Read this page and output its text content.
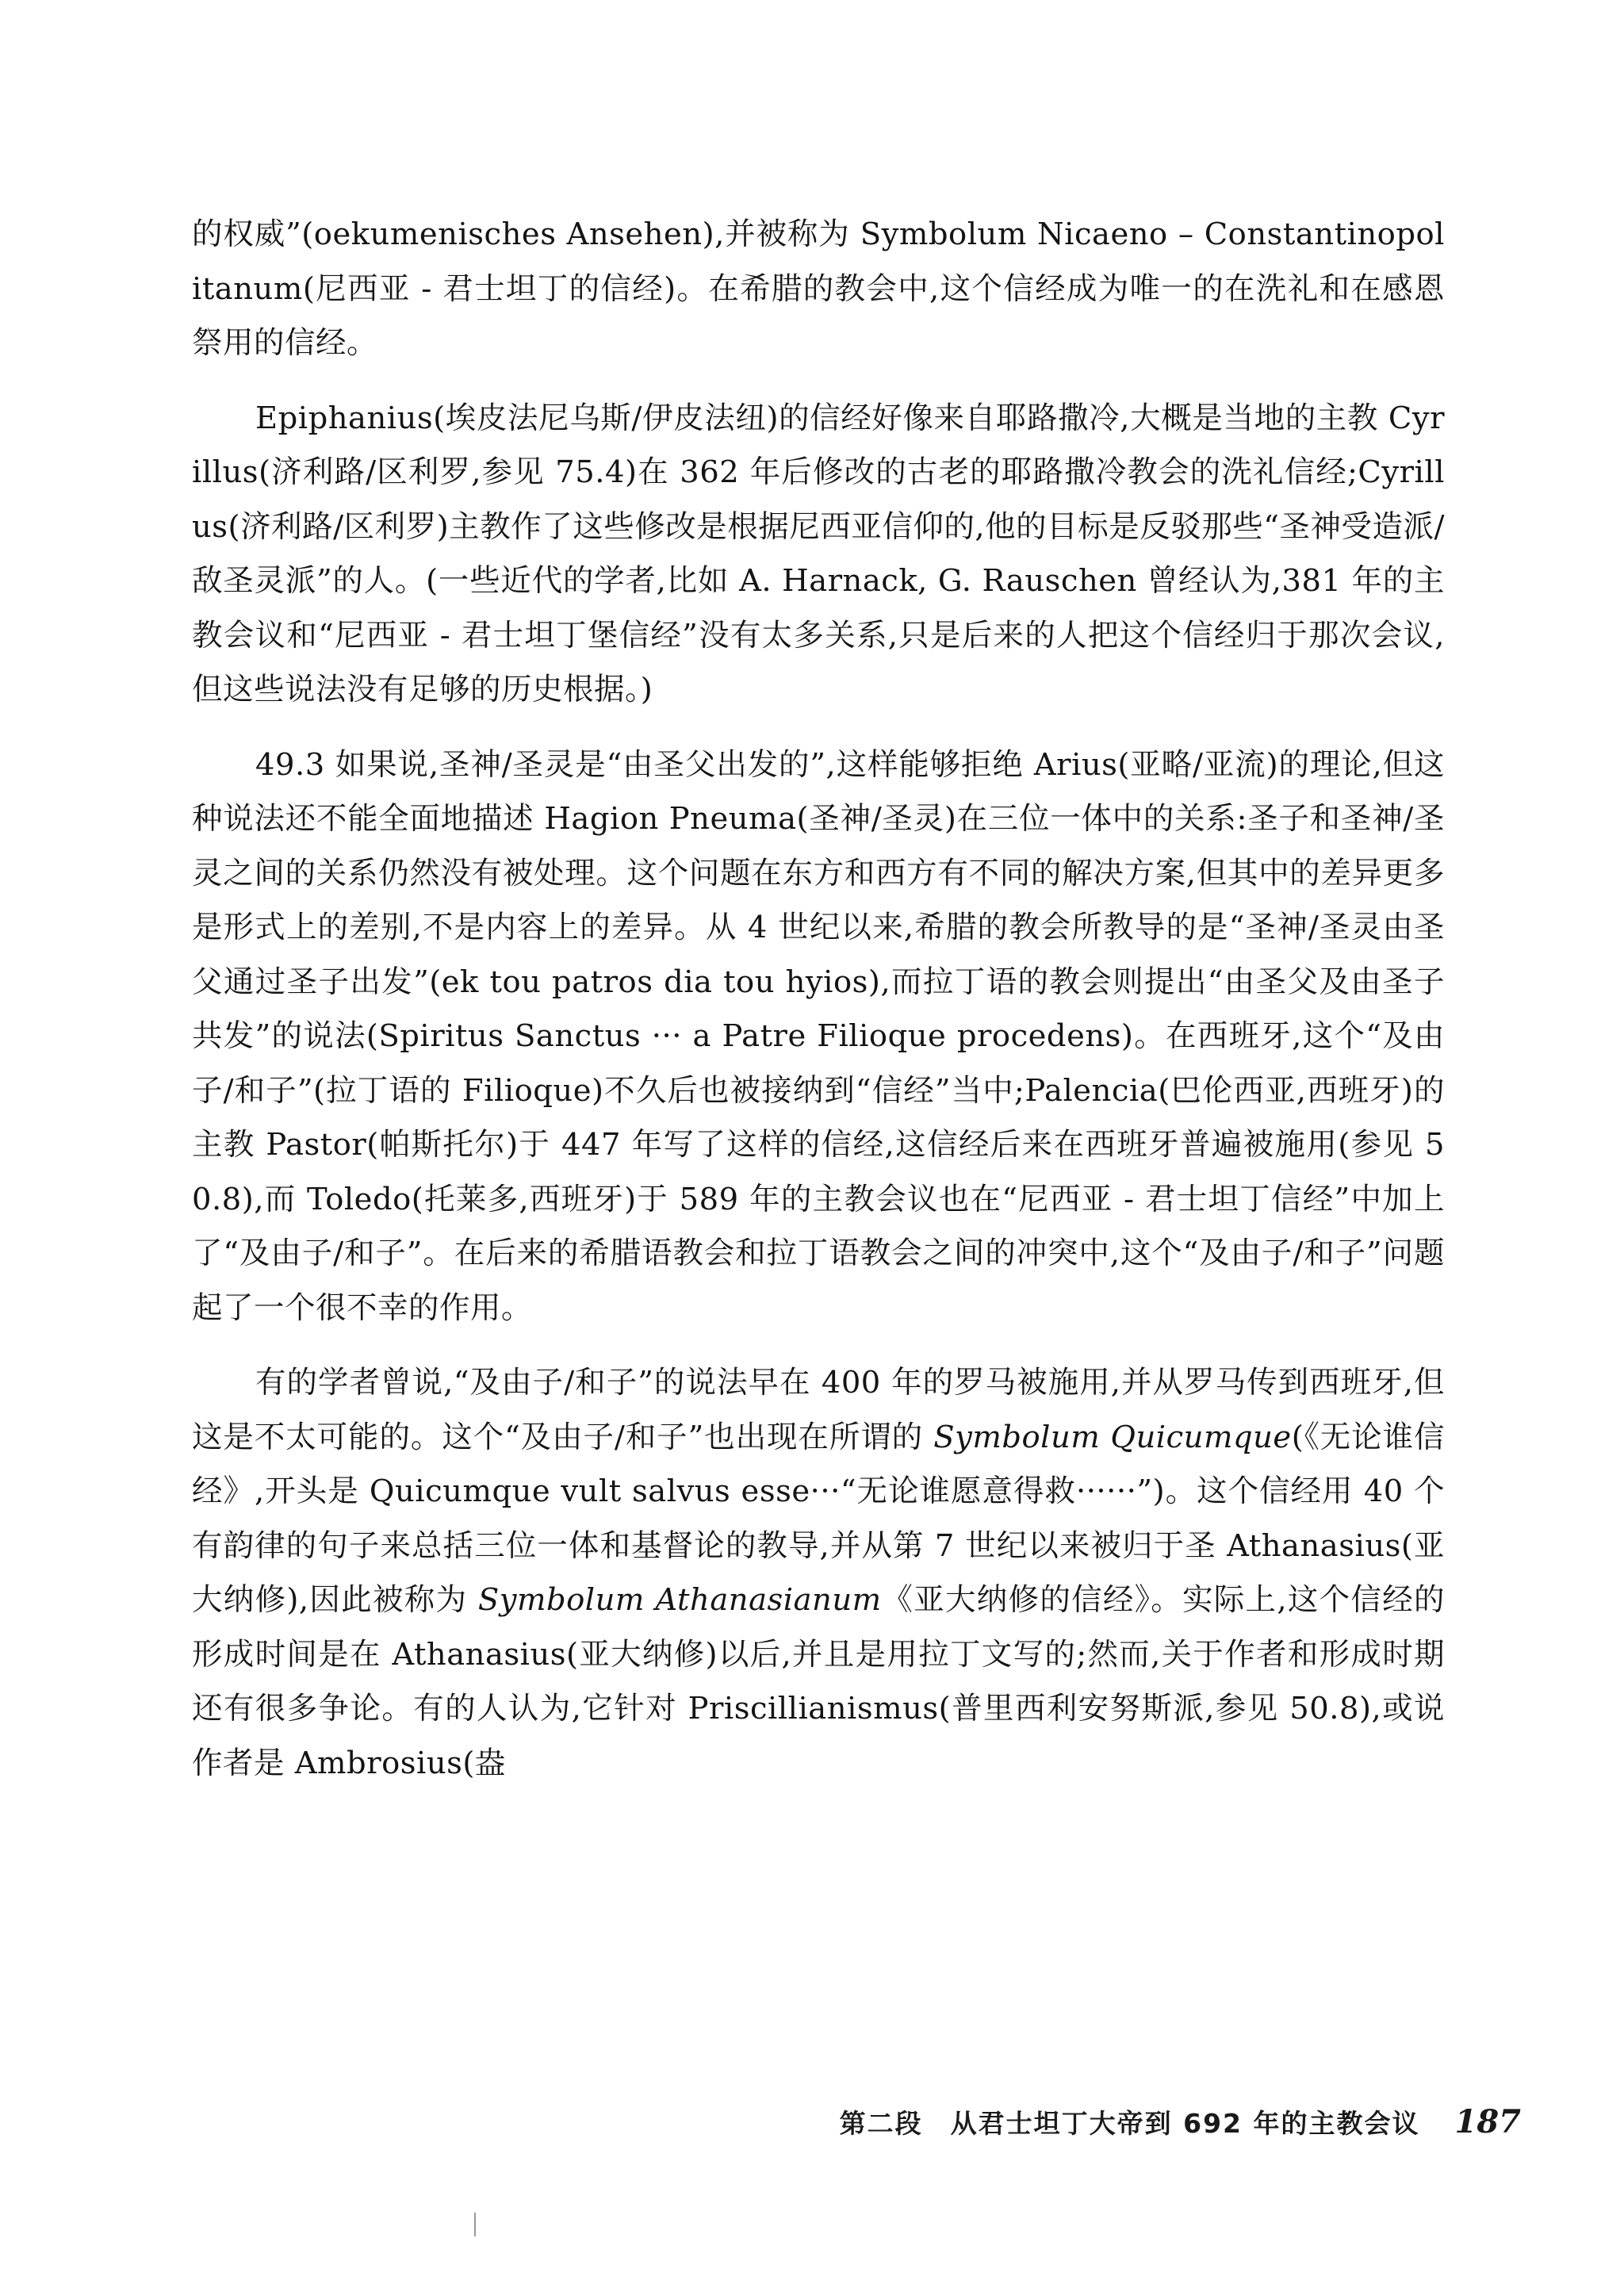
的权威”(oekumenisches Ansehen),并被称为 Symbolum Nicaeno – Constantinopolitanum(尼西亚 - 君士坦丁的信经)。在希腊的教会中,这个信经成为唯一的在洗礼和在感恩祭用的信经。

Epiphanius(埃皮法尼乌斯/伊皮法纽)的信经好像来自耶路撒冷,大概是当地的主教 Cyrillus(济利路/区利罗,参见 75.4)在 362 年后修改的古老的耶路撒冷教会的洗礼信经;Cyrillus(济利路/区利罗)主教作了这些修改是根据尼西亚信仰的,他的目标是反驳那些“圣神受造派/敌圣灵派”的人。(一些近代的学者,比如 A. Harnack, G. Rauschen 曾经认为,381 年的主教会议和“尼西亚 - 君士坦丁堡信经”没有太多关系,只是后来的人把这个信经归于那次会议,但这些说法没有足够的历史根据。)

49.3 如果说,圣神/圣灵是“由圣父出发的”,这样能够拒绝 Arius(亚略/亚流)的理论,但这种说法还不能全面地描述 Hagion Pneuma(圣神/圣灵)在三位一体中的关系:圣子和圣神/圣灵之间的关系仍然没有被处理。这个问题在东方和西方有不同的解决方案,但其中的差异更多是形式上的差别,不是内容上的差异。从 4 世纪以来,希腊的教会所教导的是“圣神/圣灵由圣父通过圣子出发”(ek tou patros dia tou hyios),而拉丁语的教会则提出“由圣父及由圣子共发”的说法(Spiritus Sanctus ··· a Patre Filioque procedens)。在西班牙,这个“及由子/和子”(拉丁语的 Filioque)不久后也被接纳到“信经”当中;Palencia(巴伦西亚,西班牙)的主教 Pastor(帕斯托尔)于 447 年写了这样的信经,这信经后来在西班牙普遍被施用(参见 50.8),而 Toledo(托莱多,西班牙)于 589 年的主教会议也在“尼西亚 - 君士坦丁信经”中加上了“及由子/和子”。在后来的希腊语教会和拉丁语教会之间的冲突中,这个“及由子/和子”问题起了一个很不幸的作用。

有的学者曾说,“及由子/和子”的说法早在 400 年的罗马被施用,并从罗马传到西班牙,但这是不太可能的。这个“及由子/和子”也出现在所谓的 Symbolum Quicumque(《无论谁信经》,开头是 Quicumque vult salvus esse···“无论谁愿意得救······”)。这个信经用 40 个有韵律的句子来总括三位一体和基督论的教导,并从第 7 世纪以来被归于圣 Athanasius(亚大纳修),因此被称为 Symbolum Athanasianum《亚大纳修的信经》。实际上,这个信经的形成时间是在 Athanasius(亚大纳修)以后,并且是用拉丁文写的;然而,关于作者和形成时期还有很多争论。有的人认为,它针对 Priscillianismus(普里西利安努斯派,参见 50.8),或说作者是 Ambrosius(盎

第二段　从君士坦丁大帝到 692 年的主教会议 187
